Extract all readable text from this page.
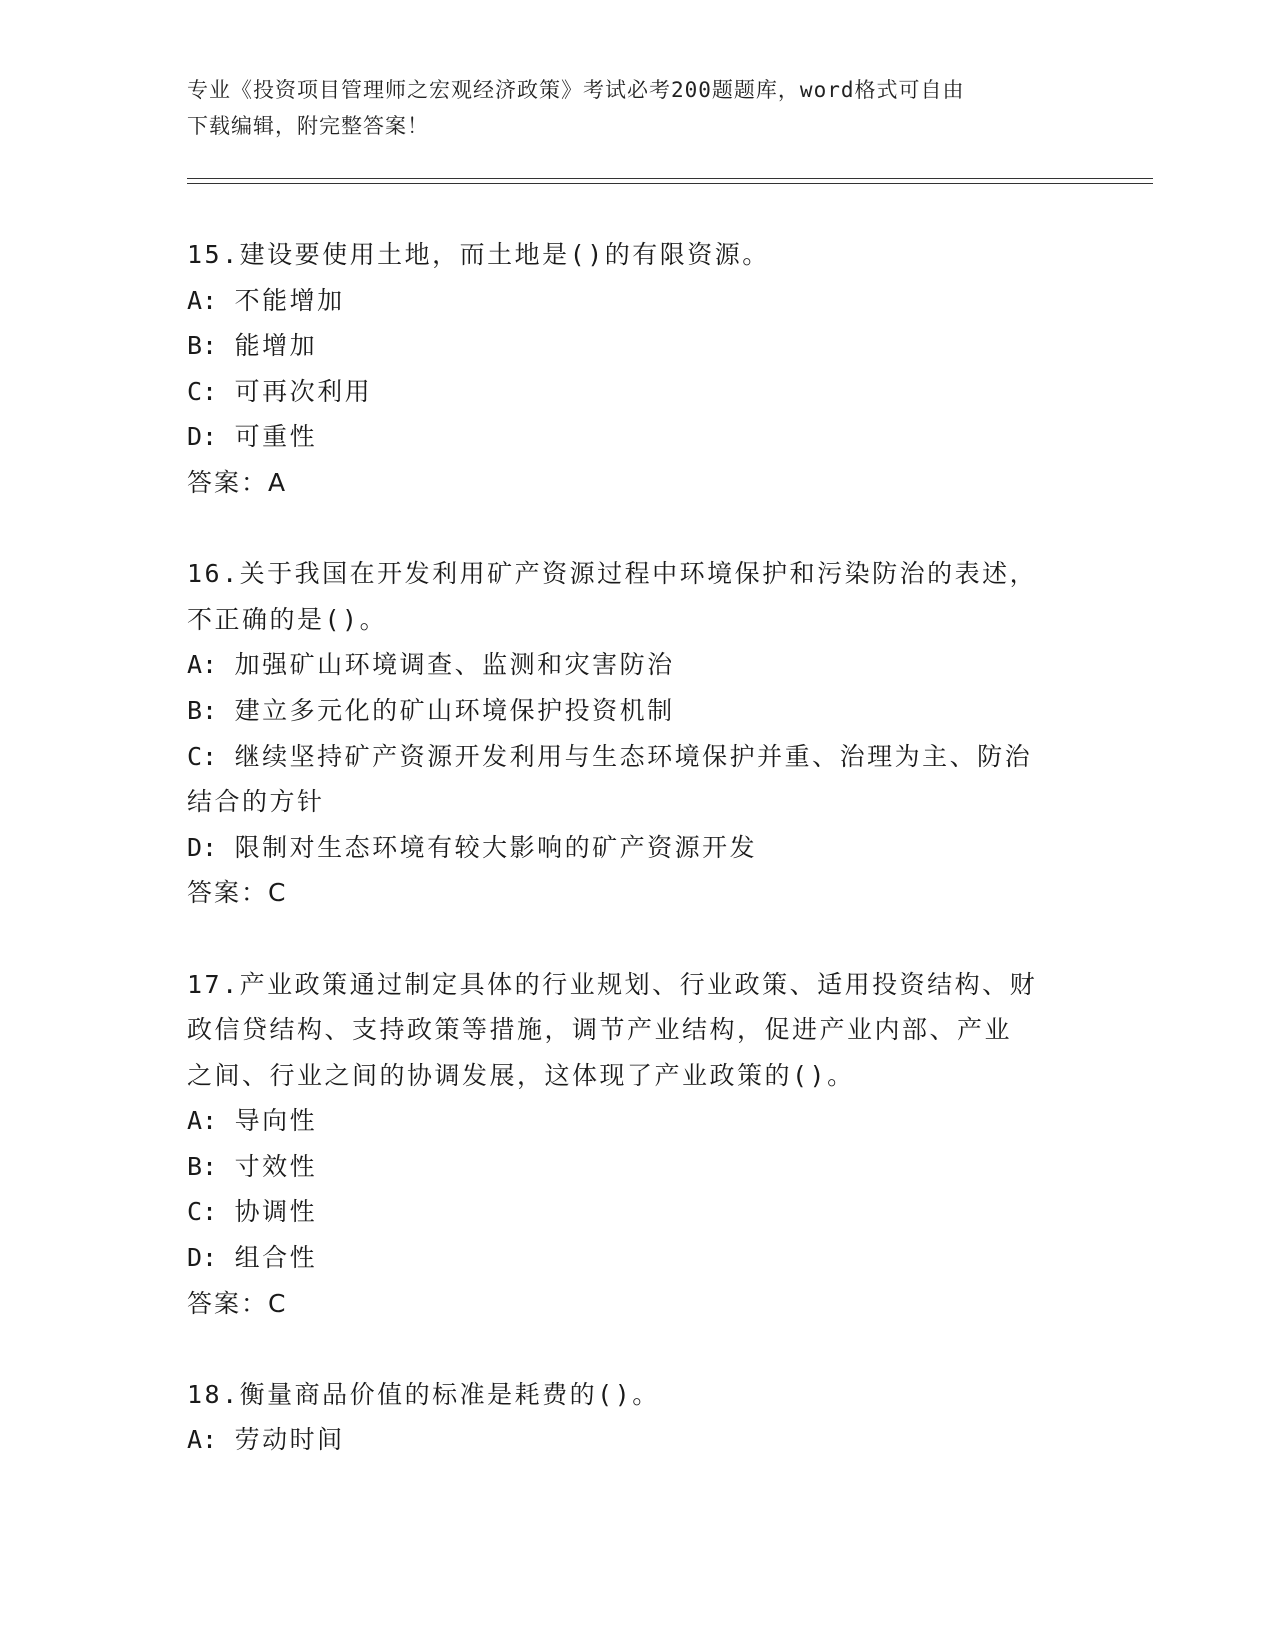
专业《投资项目管理师之宏观经济政策》考试必考200题题库，word格式可自由
下载编辑，附完整答案！
15.建设要使用土地，而土地是()的有限资源。
A: 不能增加
B: 能增加
C: 可再次利用
D: 可重性
答案：A
16.关于我国在开发利用矿产资源过程中环境保护和污染防治的表述，
不正确的是()。
A: 加强矿山环境调查、监测和灾害防治
B: 建立多元化的矿山环境保护投资机制
C: 继续坚持矿产资源开发利用与生态环境保护并重、治理为主、防治
结合的方针
D: 限制对生态环境有较大影响的矿产资源开发
答案：C
17.产业政策通过制定具体的行业规划、行业政策、适用投资结构、财
政信贷结构、支持政策等措施，调节产业结构，促进产业内部、产业
之间、行业之间的协调发展，这体现了产业政策的()。
A: 导向性
B: 寸效性
C: 协调性
D: 组合性
答案：C
18.衡量商品价值的标准是耗费的()。
A: 劳动时间
